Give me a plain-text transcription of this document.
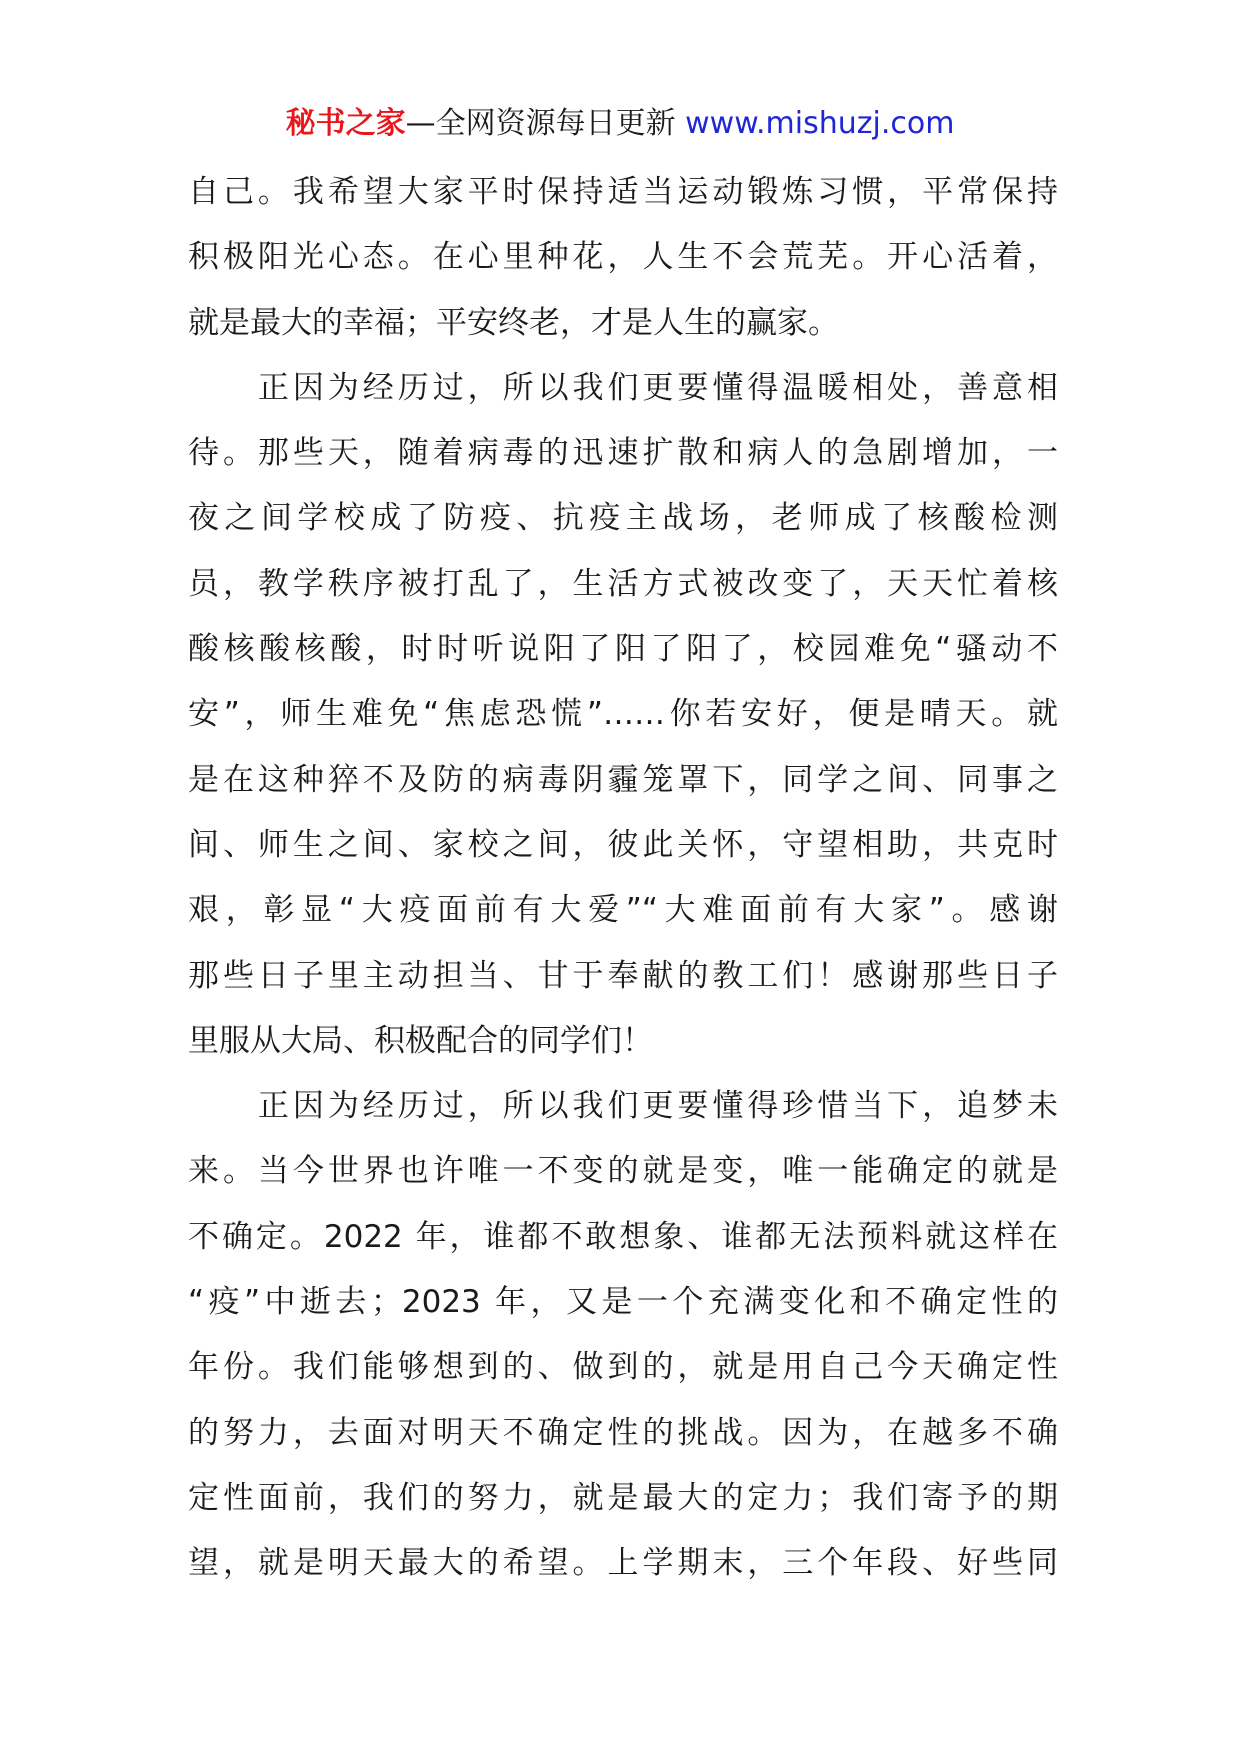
秘书之家—全网资源每日更新 www.mishuzj.com
自己。我希望大家平时保持适当运动锻炼习惯，平常保持
积极阳光心态。在心里种花，人生不会荒芜。开心活着，
就是最大的幸福；平安终老，才是人生的赢家。
　　正因为经历过，所以我们更要懂得温暖相处，善意相
待。那些天，随着病毒的迅速扩散和病人的急剧增加，一
夜之间学校成了防疫、抗疫主战场，老师成了核酸检测
员，教学秩序被打乱了，生活方式被改变了，天天忙着核
酸核酸核酸，时时听说阳了阳了阳了，校园难免“骚动不
安”，师生难免“焦虑恐慌”……你若安好，便是晴天。就
是在这种猝不及防的病毒阴霾笼罩下，同学之间、同事之
间、师生之间、家校之间，彼此关怀，守望相助，共克时
艰，彰显“大疫面前有大爱”“大难面前有大家”。感谢
那些日子里主动担当、甘于奉献的教工们！感谢那些日子
里服从大局、积极配合的同学们！
　　正因为经历过，所以我们更要懂得珍惜当下，追梦未
来。当今世界也许唯一不变的就是变，唯一能确定的就是
不确定。2022 年，谁都不敢想象、谁都无法预料就这样在
“疫”中逝去；2023 年，又是一个充满变化和不确定性的
年份。我们能够想到的、做到的，就是用自己今天确定性
的努力，去面对明天不确定性的挑战。因为，在越多不确
定性面前，我们的努力，就是最大的定力；我们寄予的期
望，就是明天最大的希望。上学期末，三个年段、好些同
